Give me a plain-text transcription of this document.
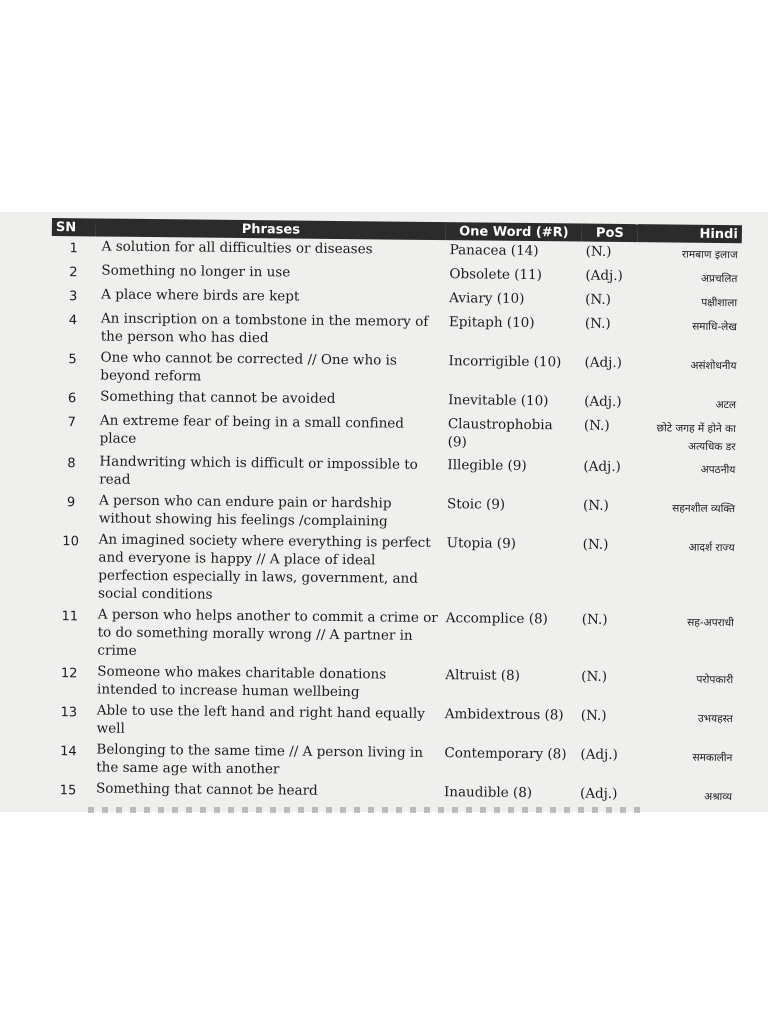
SN	Phrases	One Word (#R)	PoS	Hindi
1	A solution for all difficulties or diseases	Panacea (14)	(N.)	रामबाण इलाज
2	Something no longer in use	Obsolete (11)	(Adj.)	अप्रचलित
3	A place where birds are kept	Aviary (10)	(N.)	पक्षीशाला
4	An inscription on a tombstone in the memory of the person who has died	Epitaph (10)	(N.)	समाधि-लेख
5	One who cannot be corrected // One who is beyond reform	Incorrigible (10)	(Adj.)	असंशोधनीय
6	Something that cannot be avoided	Inevitable (10)	(Adj.)	अटल
7	An extreme fear of being in a small confined place	Claustrophobia (9)	(N.)	छोटे जगह में होने का अत्यधिक डर
8	Handwriting which is difficult or impossible to read	Illegible (9)	(Adj.)	अपठनीय
9	A person who can endure pain or hardship without showing his feelings /complaining	Stoic (9)	(N.)	सहनशील व्यक्ति
10	An imagined society where everything is perfect and everyone is happy // A place of ideal perfection especially in laws, government, and social conditions	Utopia (9)	(N.)	आदर्श राज्य
11	A person who helps another to commit a crime or to do something morally wrong // A partner in crime	Accomplice (8)	(N.)	सह-अपराधी
12	Someone who makes charitable donations intended to increase human wellbeing	Altruist (8)	(N.)	परोपकारी
13	Able to use the left hand and right hand equally well	Ambidextrous (8)	(N.)	उभयहस्त
14	Belonging to the same time // A person living in the same age with another	Contemporary (8)	(Adj.)	समकालीन
15	Something that cannot be heard	Inaudible (8)	(Adj.)	अश्राव्य
